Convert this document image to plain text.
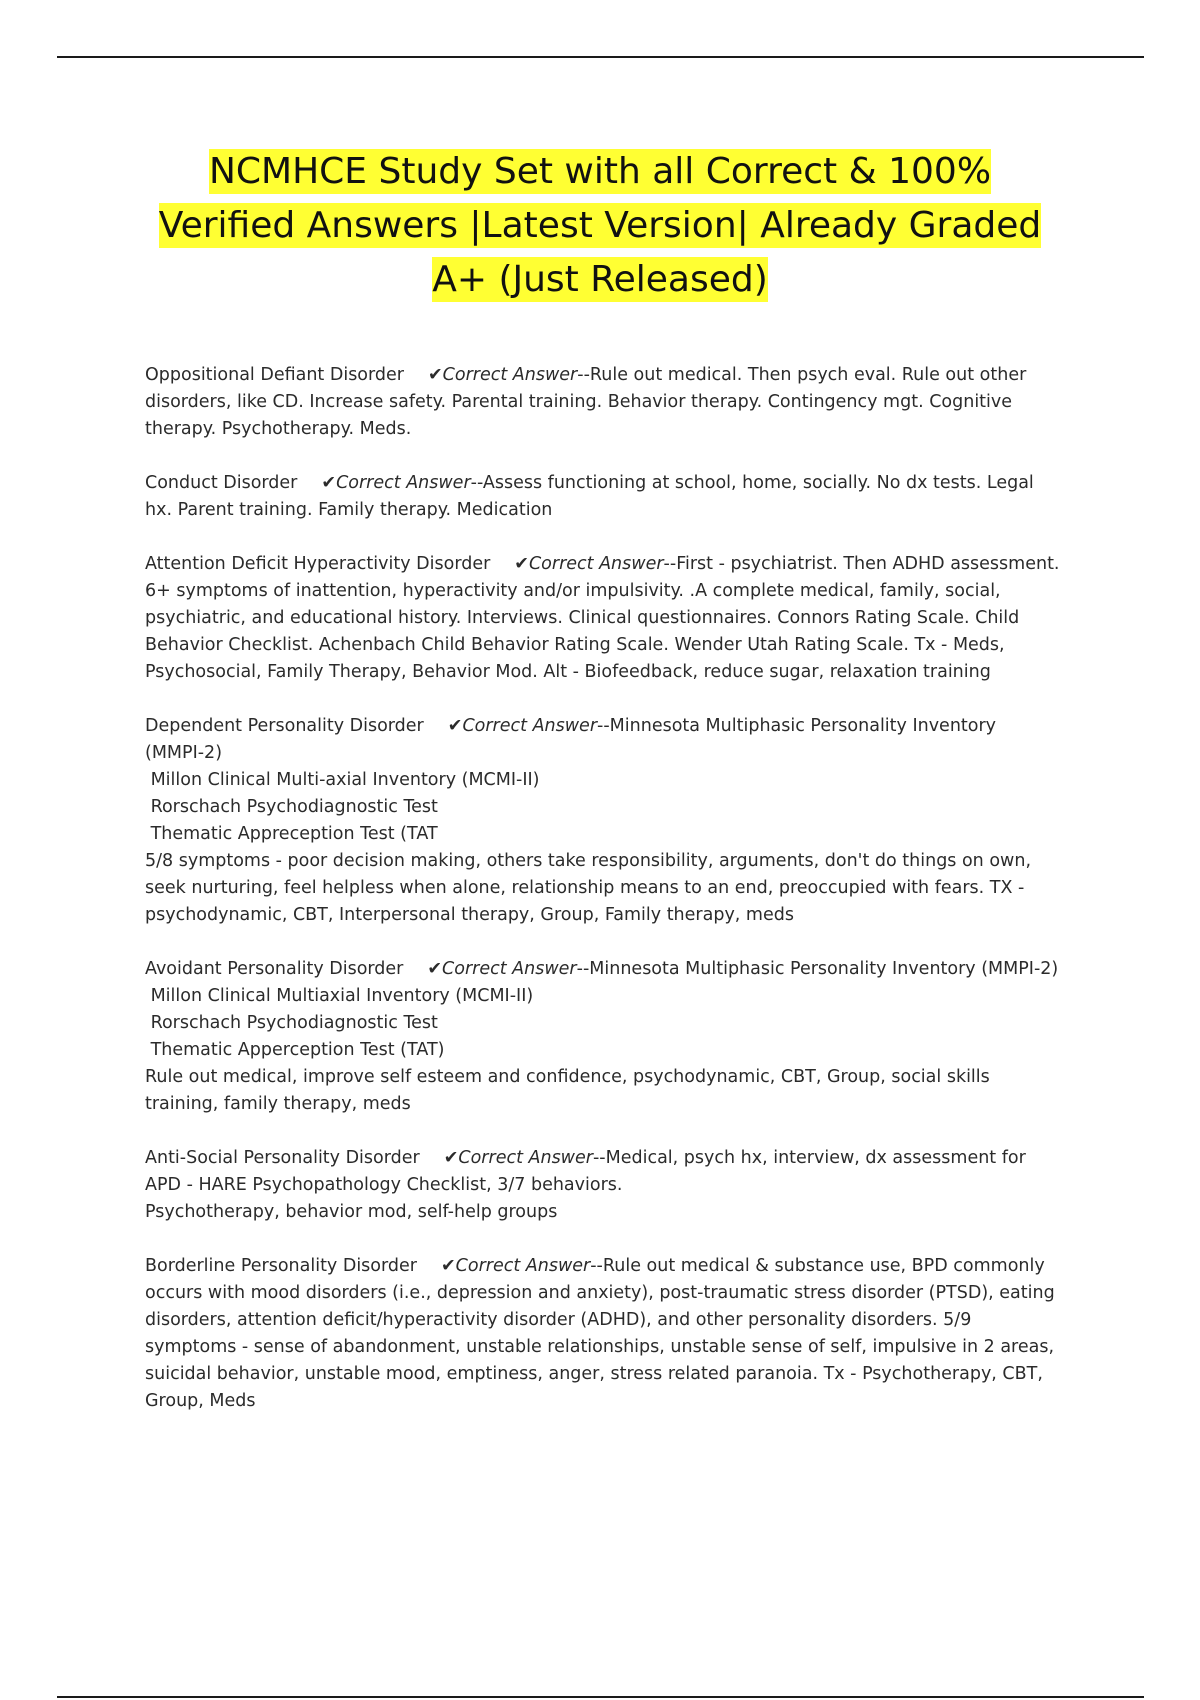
NCMHCE Study Set with all Correct & 100%
Verified Answers |Latest Version| Already Graded
A+ (Just Released)
Oppositional Defiant Disorder ✔Correct Answer--Rule out medical. Then psych eval. Rule out other disorders, like CD. Increase safety. Parental training. Behavior therapy. Contingency mgt. Cognitive therapy. Psychotherapy. Meds.
Conduct Disorder ✔Correct Answer--Assess functioning at school, home, socially. No dx tests. Legal hx. Parent training. Family therapy. Medication
Attention Deficit Hyperactivity Disorder ✔Correct Answer--First - psychiatrist. Then ADHD assessment. 6+ symptoms of inattention, hyperactivity and/or impulsivity. .A complete medical, family, social, psychiatric, and educational history. Interviews. Clinical questionnaires. Connors Rating Scale. Child Behavior Checklist. Achenbach Child Behavior Rating Scale. Wender Utah Rating Scale. Tx - Meds, Psychosocial, Family Therapy, Behavior Mod. Alt - Biofeedback, reduce sugar, relaxation training
Dependent Personality Disorder ✔Correct Answer--Minnesota Multiphasic Personality Inventory (MMPI-2)
Millon Clinical Multi-axial Inventory (MCMI-II)
Rorschach Psychodiagnostic Test
Thematic Appreception Test (TAT
5/8 symptoms - poor decision making, others take responsibility, arguments, don't do things on own, seek nurturing, feel helpless when alone, relationship means to an end, preoccupied with fears. TX - psychodynamic, CBT, Interpersonal therapy, Group, Family therapy, meds
Avoidant Personality Disorder ✔Correct Answer--Minnesota Multiphasic Personality Inventory (MMPI-2)
Millon Clinical Multiaxial Inventory (MCMI-II)
Rorschach Psychodiagnostic Test
Thematic Apperception Test (TAT)
Rule out medical, improve self esteem and confidence, psychodynamic, CBT, Group, social skills training, family therapy, meds
Anti-Social Personality Disorder ✔Correct Answer--Medical, psych hx, interview, dx assessment for APD - HARE Psychopathology Checklist, 3/7 behaviors.
Psychotherapy, behavior mod, self-help groups
Borderline Personality Disorder ✔Correct Answer--Rule out medical & substance use, BPD commonly occurs with mood disorders (i.e., depression and anxiety), post-traumatic stress disorder (PTSD), eating disorders, attention deficit/hyperactivity disorder (ADHD), and other personality disorders. 5/9 symptoms - sense of abandonment, unstable relationships, unstable sense of self, impulsive in 2 areas, suicidal behavior, unstable mood, emptiness, anger, stress related paranoia. Tx - Psychotherapy, CBT, Group, Meds
